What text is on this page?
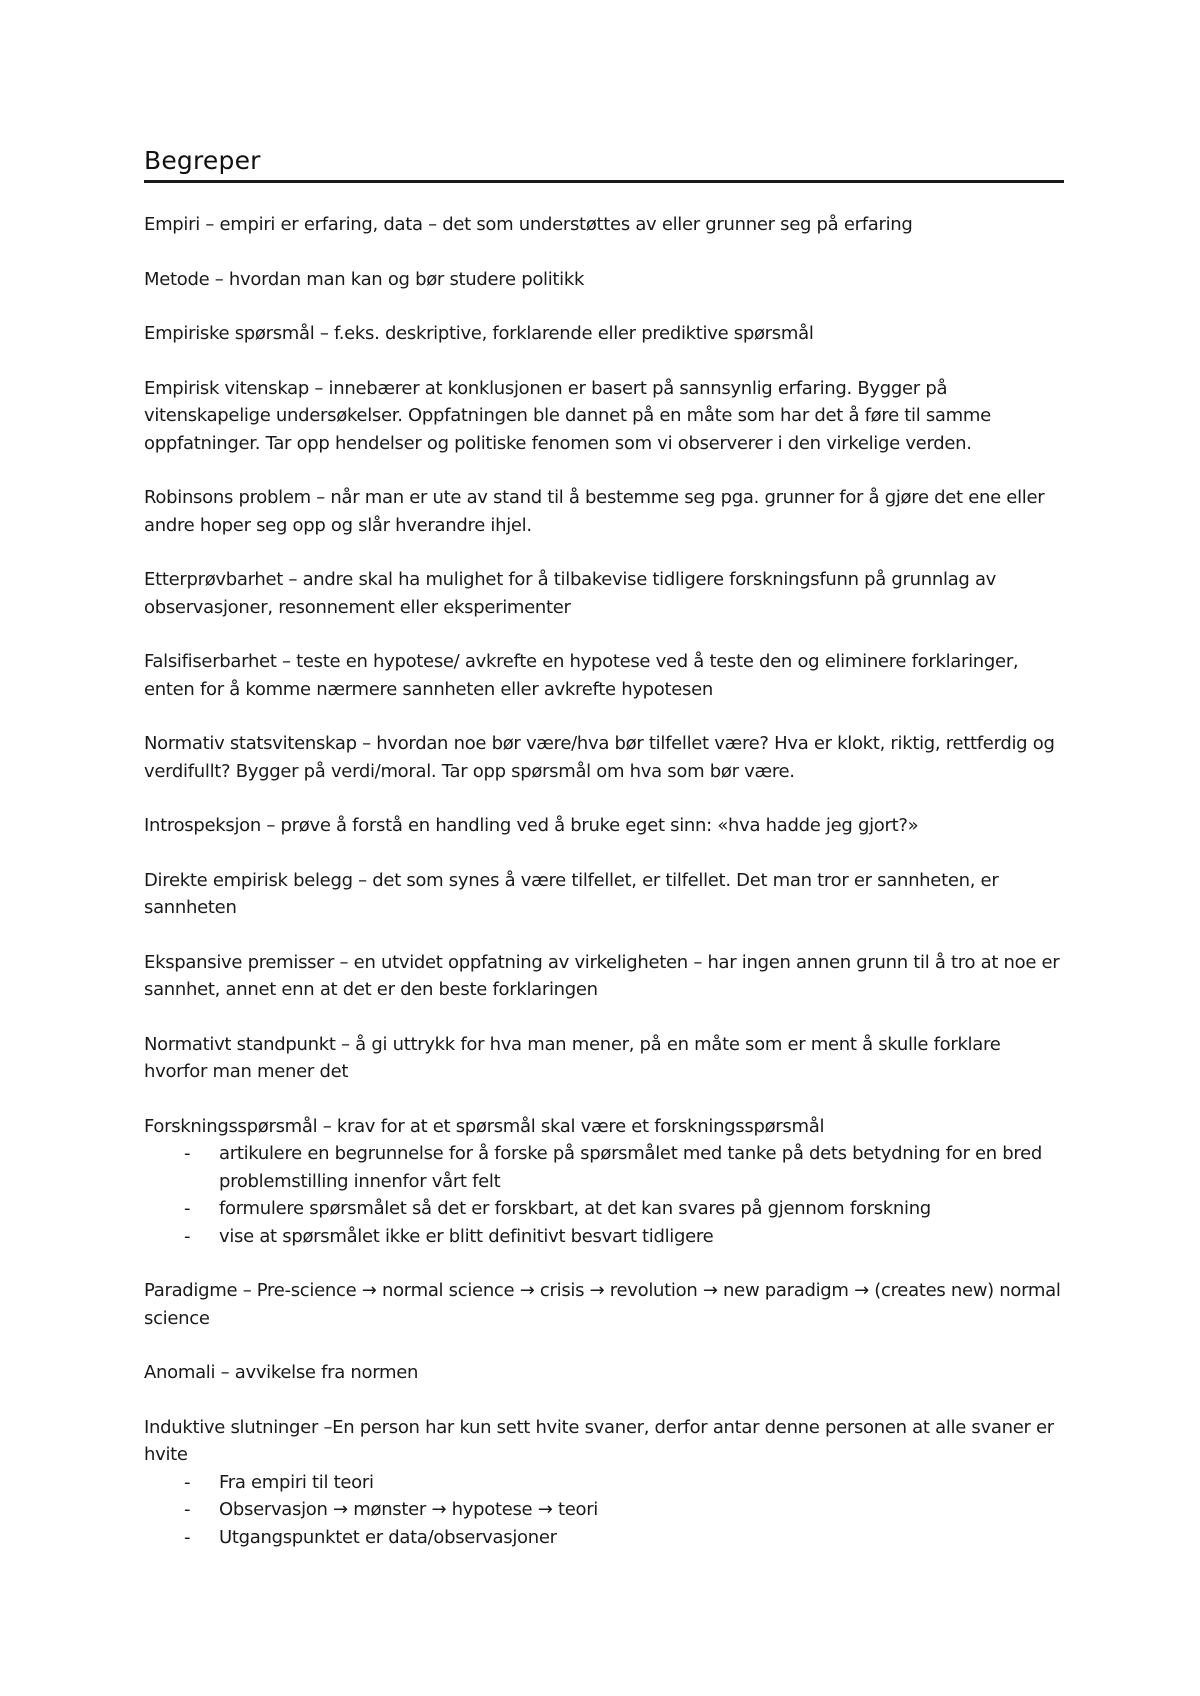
Begreper
Empiri – empiri er erfaring, data – det som understøttes av eller grunner seg på erfaring
Metode – hvordan man kan og bør studere politikk
Empiriske spørsmål – f.eks. deskriptive, forklarende eller prediktive spørsmål
Empirisk vitenskap – innebærer at konklusjonen er basert på sannsynlig erfaring. Bygger på vitenskapelige undersøkelser. Oppfatningen ble dannet på en måte som har det å føre til samme oppfatninger. Tar opp hendelser og politiske fenomen som vi observerer i den virkelige verden.
Robinsons problem – når man er ute av stand til å bestemme seg pga. grunner for å gjøre det ene eller andre hoper seg opp og slår hverandre ihjel.
Etterprøvbarhet – andre skal ha mulighet for å tilbakevise tidligere forskningsfunn på grunnlag av observasjoner, resonnement eller eksperimenter
Falsifiserbarhet – teste en hypotese/ avkrefte en hypotese ved å teste den og eliminere forklaringer, enten for å komme nærmere sannheten eller avkrefte hypotesen
Normativ statsvitenskap – hvordan noe bør være/hva bør tilfellet være? Hva er klokt, riktig, rettferdig og verdifullt? Bygger på verdi/moral. Tar opp spørsmål om hva som bør være.
Introspeksjon – prøve å forstå en handling ved å bruke eget sinn: «hva hadde jeg gjort?»
Direkte empirisk belegg – det som synes å være tilfellet, er tilfellet. Det man tror er sannheten, er sannheten
Ekspansive premisser – en utvidet oppfatning av virkeligheten – har ingen annen grunn til å tro at noe er sannhet, annet enn at det er den beste forklaringen
Normativt standpunkt – å gi uttrykk for hva man mener, på en måte som er ment å skulle forklare hvorfor man mener det
Forskningsspørsmål – krav for at et spørsmål skal være et forskningsspørsmål
- artikulere en begrunnelse for å forske på spørsmålet med tanke på dets betydning for en bred problemstilling innenfor vårt felt
- formulere spørsmålet så det er forskbart, at det kan svares på gjennom forskning
- vise at spørsmålet ikke er blitt definitivt besvart tidligere
Paradigme – Pre-science → normal science → crisis → revolution → new paradigm → (creates new) normal science
Anomali – avvikelse fra normen
Induktive slutninger –En person har kun sett hvite svaner, derfor antar denne personen at alle svaner er hvite
- Fra empiri til teori
- Observasjon → mønster → hypotese → teori
- Utgangspunktet er data/observasjoner
